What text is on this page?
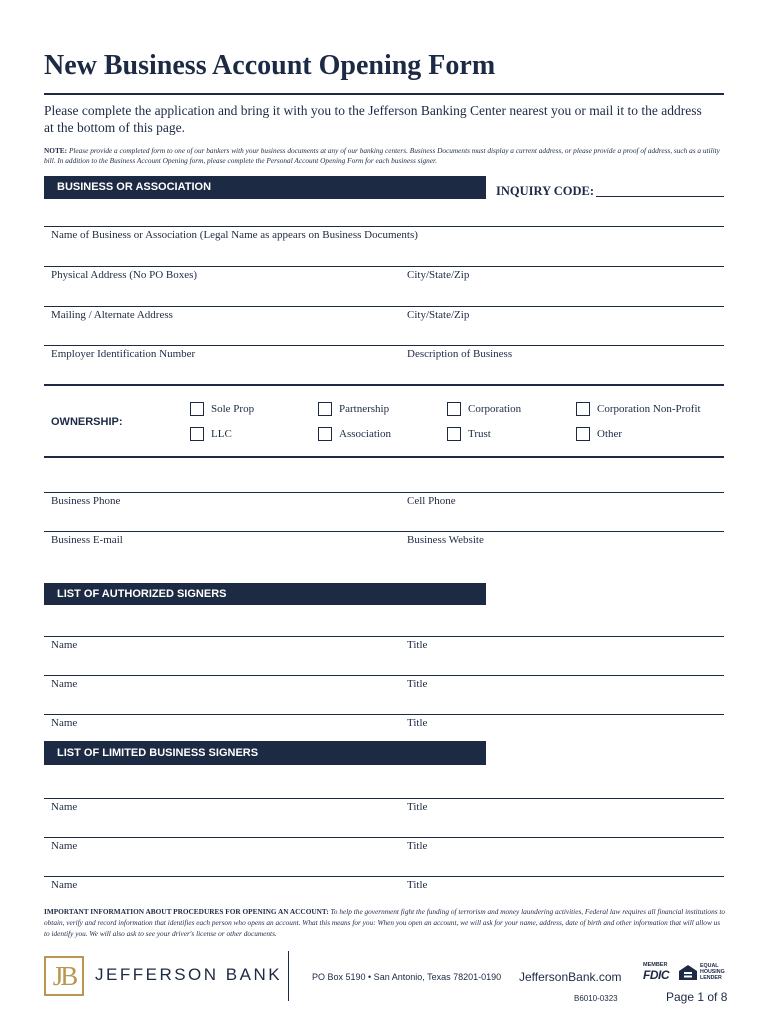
New Business Account Opening Form
Please complete the application and bring it with you to the Jefferson Banking Center nearest you or mail it to the address at the bottom of this page.
NOTE: Please provide a completed form to one of our bankers with your business documents at any of our banking centers. Business Documents must display a current address, or please provide a proof of address, such as a utility bill. In addition to the Business Account Opening form, please complete the Personal Account Opening Form for each business signer.
BUSINESS OR ASSOCIATION	INQUIRY CODE:
Name of Business or Association (Legal Name as appears on Business Documents)
Physical Address (No PO Boxes)	City/State/Zip
Mailing / Alternate Address	City/State/Zip
Employer Identification Number	Description of Business
OWNERSHIP:
Sole Prop	Partnership	Corporation	Corporation Non-Profit
LLC	Association	Trust	Other
Business Phone	Cell Phone
Business E-mail	Business Website
LIST OF AUTHORIZED SIGNERS
Name	Title
Name	Title
Name	Title
LIST OF LIMITED BUSINESS SIGNERS
Name	Title
Name	Title
Name	Title
IMPORTANT INFORMATION ABOUT PROCEDURES FOR OPENING AN ACCOUNT: To help the government fight the funding of terrorism and money laundering activities, Federal law requires all financial institutions to obtain, verify and record information that identifies each person who opens an account. What this means for you: When you open an account, we will ask for your name, address, date of birth and other information that will allow us to identify you. We will also ask to see your driver's license or other documents.
JB	JEFFERSON BANK	PO Box 5190 • San Antonio, Texas 78201-0190 JeffersonBank.com
MEMBER
FDIC
EQUAL
HOUSING
LENDER
B6010-0323	Page 1 of 8
